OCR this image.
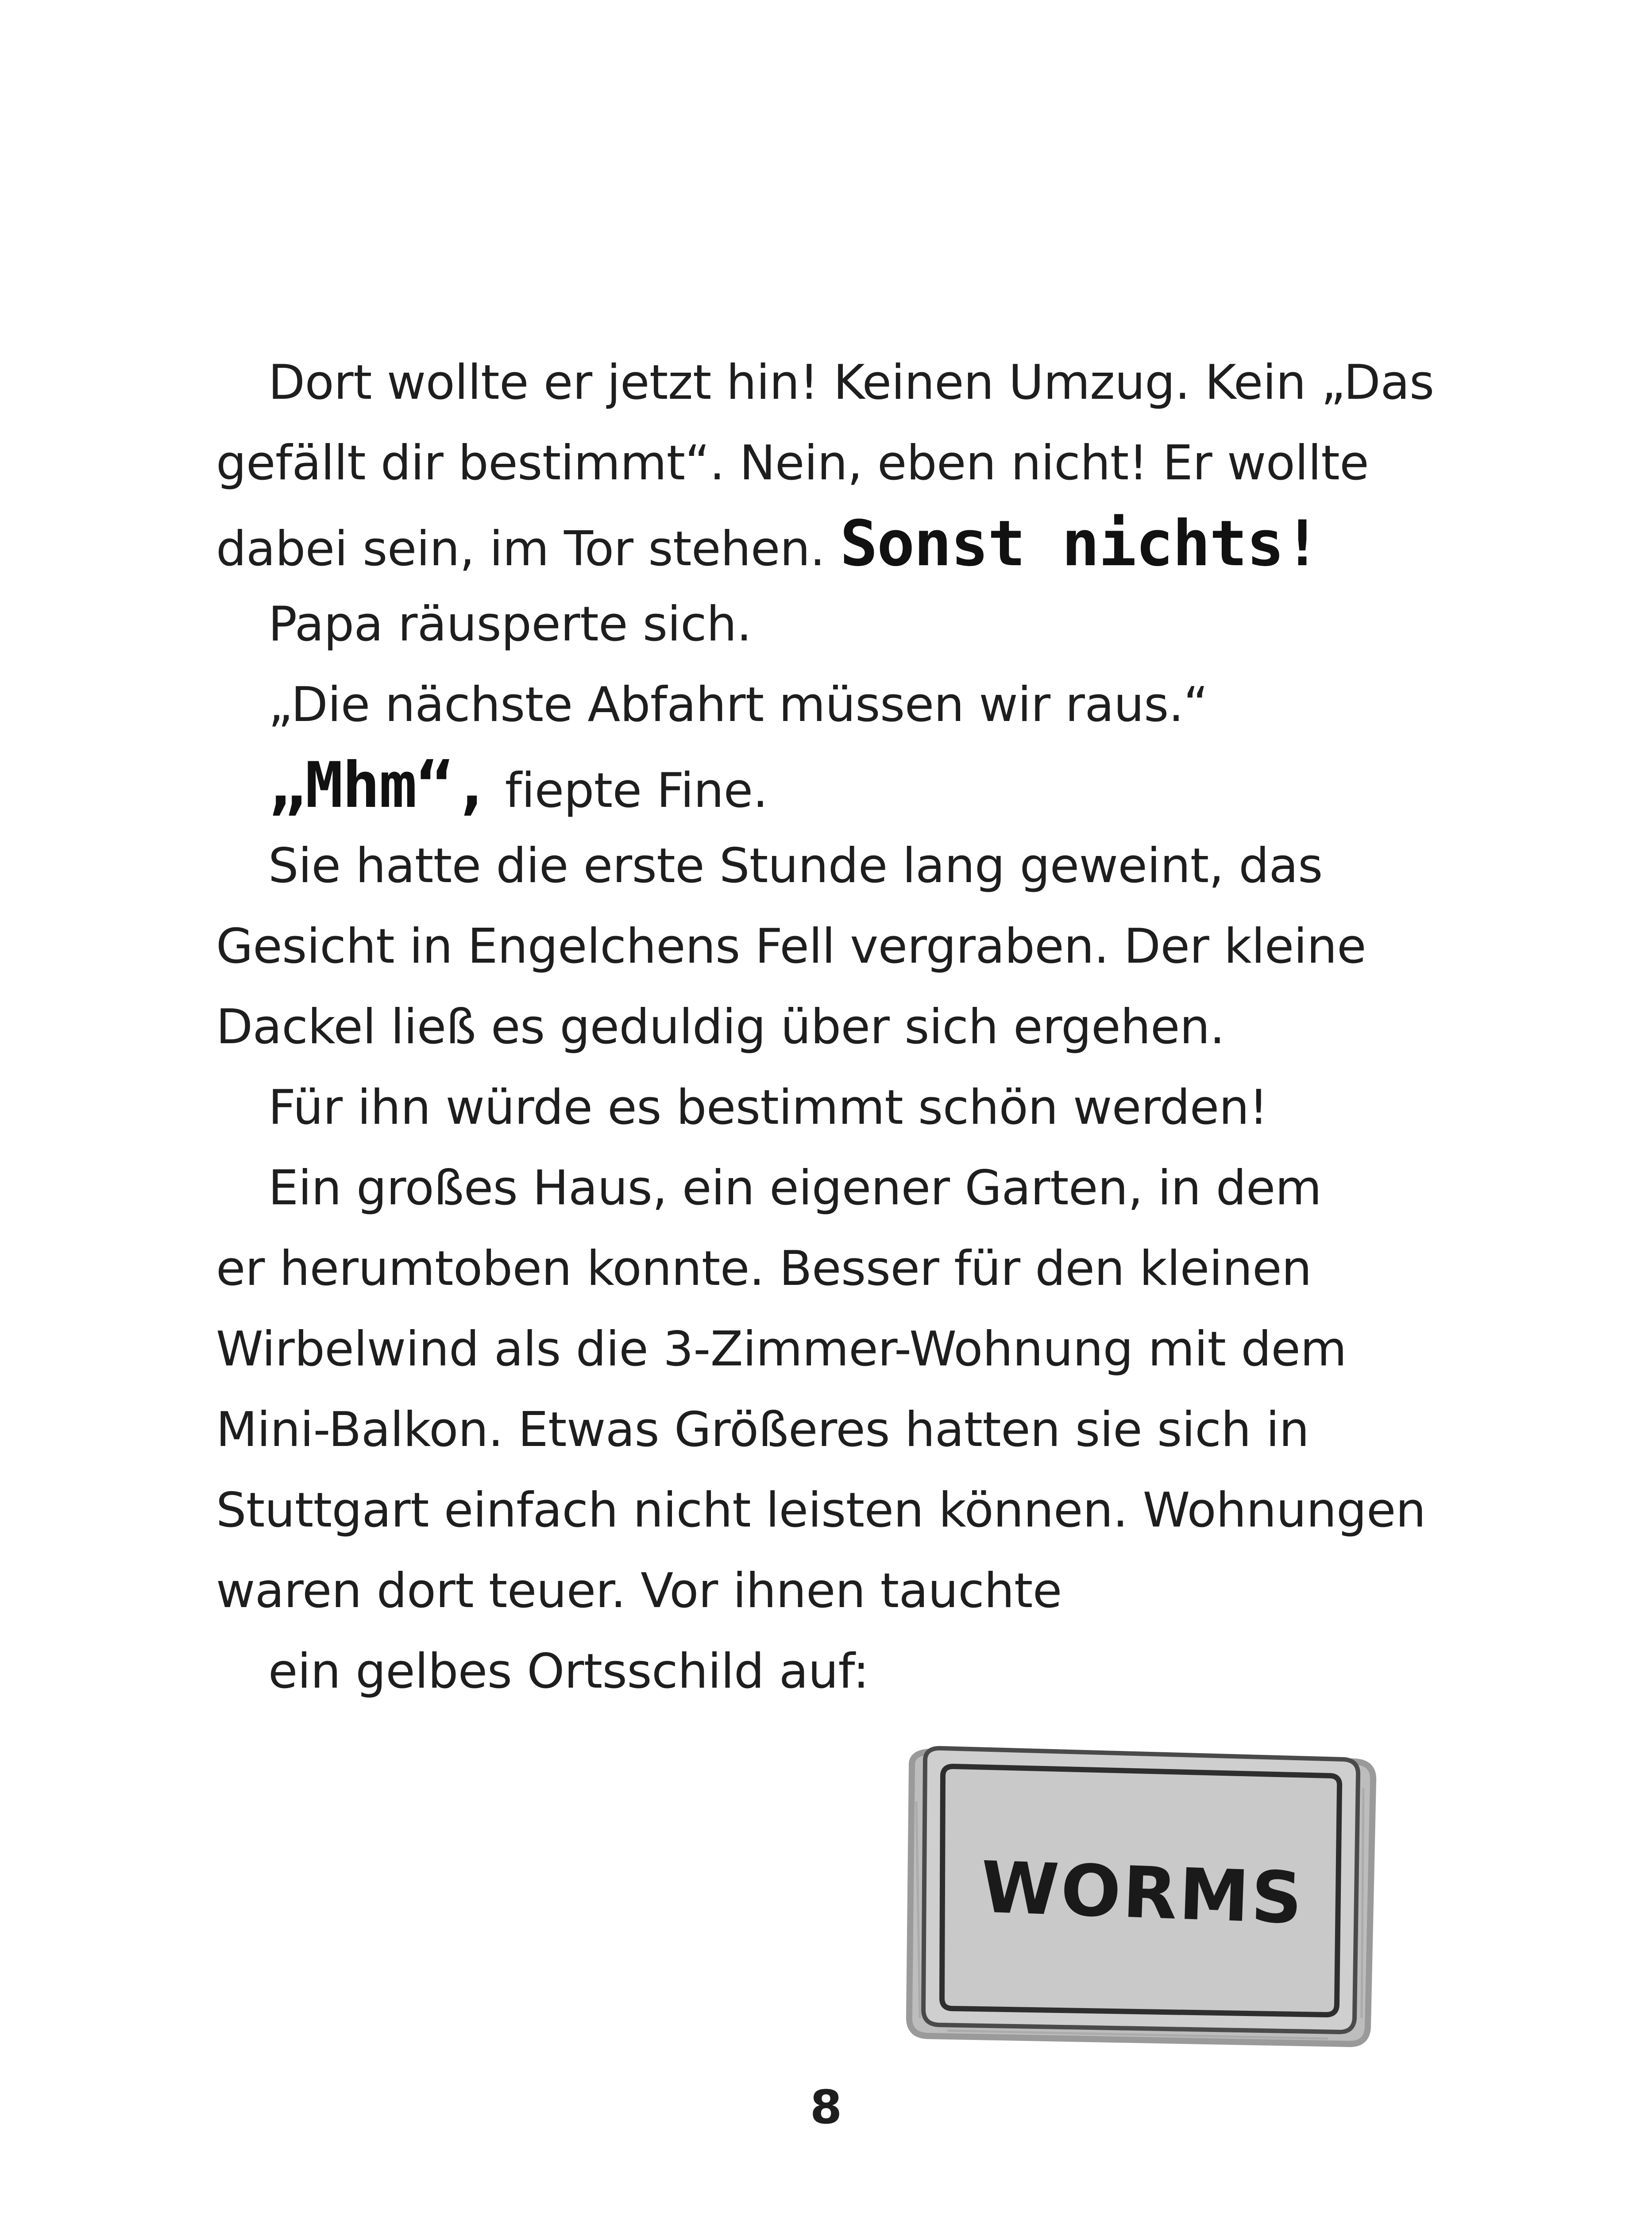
Dort wollte er jetzt hin! Keinen Umzug. Kein „Das
gefällt dir bestimmt“. Nein, eben nicht! Er wollte
dabei sein, im Tor stehen. Sonst nichts!
Papa räusperte sich.
„Die nächste Abfahrt müssen wir raus.“
„Mhm“, fiepte Fine.
Sie hatte die erste Stunde lang geweint, das
Gesicht in Engelchens Fell vergraben. Der kleine
Dackel ließ es geduldig über sich ergehen.
Für ihn würde es bestimmt schön werden!
Ein großes Haus, ein eigener Garten, in dem
er herumtoben konnte. Besser für den kleinen
Wirbelwind als die 3-Zimmer-Wohnung mit dem
Mini-Balkon. Etwas Größeres hatten sie sich in
Stuttgart einfach nicht leisten können. Wohnungen
waren dort teuer. Vor ihnen tauchte
ein gelbes Ortsschild auf:
WORMS
8
